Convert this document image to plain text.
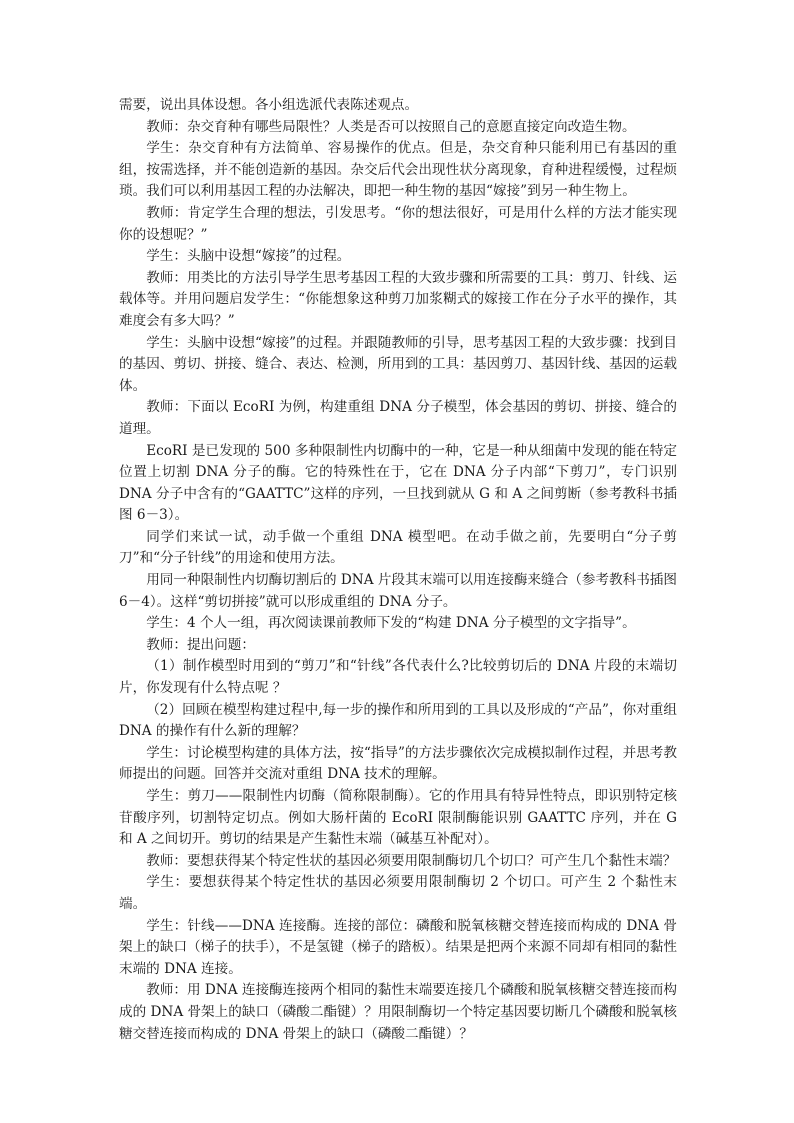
需要，说出具体设想。各小组选派代表陈述观点。

教师：杂交育种有哪些局限性？人类是否可以按照自己的意愿直接定向改造生物。

学生：杂交育种有方法简单、容易操作的优点。但是，杂交育种只能利用已有基因的重组，按需选择，并不能创造新的基因。杂交后代会出现性状分离现象，育种进程缓慢，过程烦琐。我们可以利用基因工程的办法解决，即把一种生物的基因“嫁接”到另一种生物上。

教师：肯定学生合理的想法，引发思考。“你的想法很好，可是用什么样的方法才能实现你的设想呢？”

学生：头脑中设想“嫁接”的过程。

教师：用类比的方法引导学生思考基因工程的大致步骤和所需要的工具：剪刀、针线、运载体等。并用问题启发学生：“你能想象这种剪刀加浆糊式的嫁接工作在分子水平的操作，其难度会有多大吗？”

学生：头脑中设想“嫁接”的过程。并跟随教师的引导，思考基因工程的大致步骤：找到目的基因、剪切、拼接、缝合、表达、检测，所用到的工具：基因剪刀、基因针线、基因的运载体。

教师：下面以 EcoRI 为例，构建重组 DNA 分子模型，体会基因的剪切、拼接、缝合的道理。

EcoRI 是已发现的 500 多种限制性内切酶中的一种，它是一种从细菌中发现的能在特定位置上切割 DNA 分子的酶。它的特殊性在于，它在 DNA 分子内部“下剪刀”，专门识别 DNA 分子中含有的“GAATTC”这样的序列，一旦找到就从 G 和 A 之间剪断（参考教科书插图 6－3）。

同学们来试一试，动手做一个重组 DNA 模型吧。在动手做之前，先要明白“分子剪刀”和“分子针线”的用途和使用方法。

用同一种限制性内切酶切割后的 DNA 片段其末端可以用连接酶来缝合（参考教科书插图 6－4）。这样“剪切拼接”就可以形成重组的 DNA 分子。

学生：4 个人一组，再次阅读课前教师下发的“构建 DNA 分子模型的文字指导”。

教师：提出问题：

（1）制作模型时用到的“剪刀”和“针线”各代表什么?比较剪切后的 DNA 片段的末端切片，你发现有什么特点呢 ？

（2）回顾在模型构建过程中,每一步的操作和所用到的工具以及形成的“产品”，你对重组 DNA 的操作有什么新的理解？

学生：讨论模型构建的具体方法，按“指导”的方法步骤依次完成模拟制作过程，并思考教师提出的问题。回答并交流对重组 DNA 技术的理解。

学生：剪刀——限制性内切酶（简称限制酶）。它的作用具有特异性特点，即识别特定核苷酸序列，切割特定切点。例如大肠杆菌的 EcoRI 限制酶能识别 GAATTC 序列，并在 G 和 A 之间切开。剪切的结果是产生黏性末端（碱基互补配对）。

教师：要想获得某个特定性状的基因必须要用限制酶切几个切口？可产生几个黏性末端？

学生：要想获得某个特定性状的基因必须要用限制酶切 2 个切口。可产生 2 个黏性末端。

学生：针线——DNA 连接酶。连接的部位：磷酸和脱氧核糖交替连接而构成的 DNA 骨架上的缺口（梯子的扶手），不是氢键（梯子的踏板）。结果是把两个来源不同却有相同的黏性末端的 DNA 连接。

教师：用 DNA 连接酶连接两个相同的黏性末端要连接几个磷酸和脱氧核糖交替连接而构成的 DNA 骨架上的缺口（磷酸二酯键）？用限制酶切一个特定基因要切断几个磷酸和脱氧核糖交替连接而构成的 DNA 骨架上的缺口（磷酸二酯键）？
